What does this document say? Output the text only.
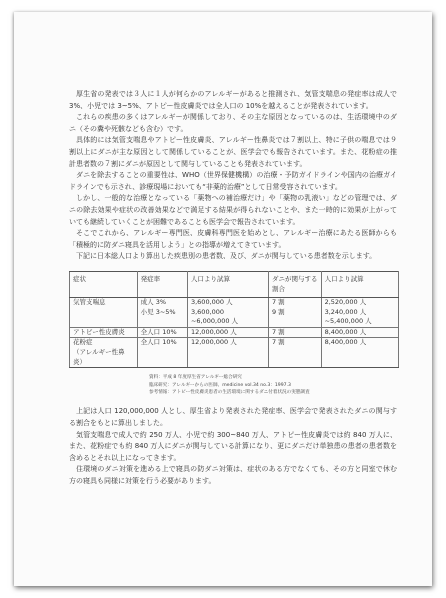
厚生省の発表では３人に１人が何らかのアレルギーがあると推測され、気管支喘息の発症率は成人で 3%、小児では 3~5%、アトピー性皮膚炎では全人口の 10%を越えることが発表されています。

これらの疾患の多くはアレルギーが関係しており、その主な原因となっているのは、生活環境中のダニ（その糞や死骸なども含む）です。

具体的には気管支喘息やアトピー性皮膚炎、アレルギー性鼻炎では７割以上、特に子供の喘息では９割以上にダニが主な原因として関係していることが、医学会でも報告されています。また、花粉症の推計患者数の７割にダニが原因として関与していることも発表されています。

ダニを除去することの重要性は、WHO（世界保健機構）の治療・予防ガイドラインや国内の治療ガイドラインでも示され、診療現場においても“非薬的治療”として日常受容されています。

しかし、一般的な治療となっている「薬物への補治療だけ」や「薬物の乳液い」などの管理では、ダニの除去効果や症状の改善効果などで満足する結果が得られないことや、また一時的に効果が上がっていても継続していくことが困難であることも医学会で報告されています。

そこでこれから、アレルギー専門医、皮膚科専門医を始めとし、アレルギー治療にあたる医師からも「積極的に防ダニ寝具を活用しよう」との指導が増えてきています。

下記に日本総人口より算出した疾患別の患者数、及び、ダニが関与している患者数を示します。

症状	発症率	人口より試算	ダニが関与する割合	人口より試算
気管支喘息	成人 3%	3,600,000 人	7 割	2,520,000 人
	小児 3~5%	3,600,000	9 割	3,240,000 人
		~6,000,000 人		~5,400,000 人
アトピー性皮膚炎	全人口 10%	12,000,000 人	7 割	8,400,000 人
花粉症	全人口 10%	12,000,000 人	7 割	8,400,000 人
（アレルギー性鼻炎）				
資料：平成 8 年度厚生省アレルギー総合研究
臨床研究：アレルギーからの医師、medicine vol.34 no.3：1997.3
参考情報：アトピー性皮膚炎患者の生活環境に関するダニ付着状況の実態調査

上記は人口 120,000,000 人とし、厚生省より発表された発症率、医学会で発表されたダニの関与する割合をもとに算出しました。

気管支喘息で成人で約 250 万人、小児で約 300~840 万人、アトピー性皮膚炎では約 840 万人に、また、花粉症でも約 840 万人にダニが関与している計算になり、更にダニだけ単独患の患者の患者数を含めるとそれ以上になってきます。

住環境のダニ対策を進める上で寝具の防ダニ対策は、症状のある方でなくても、その方と同室で休む方の寝具も同様に対策を行う必要があります。
